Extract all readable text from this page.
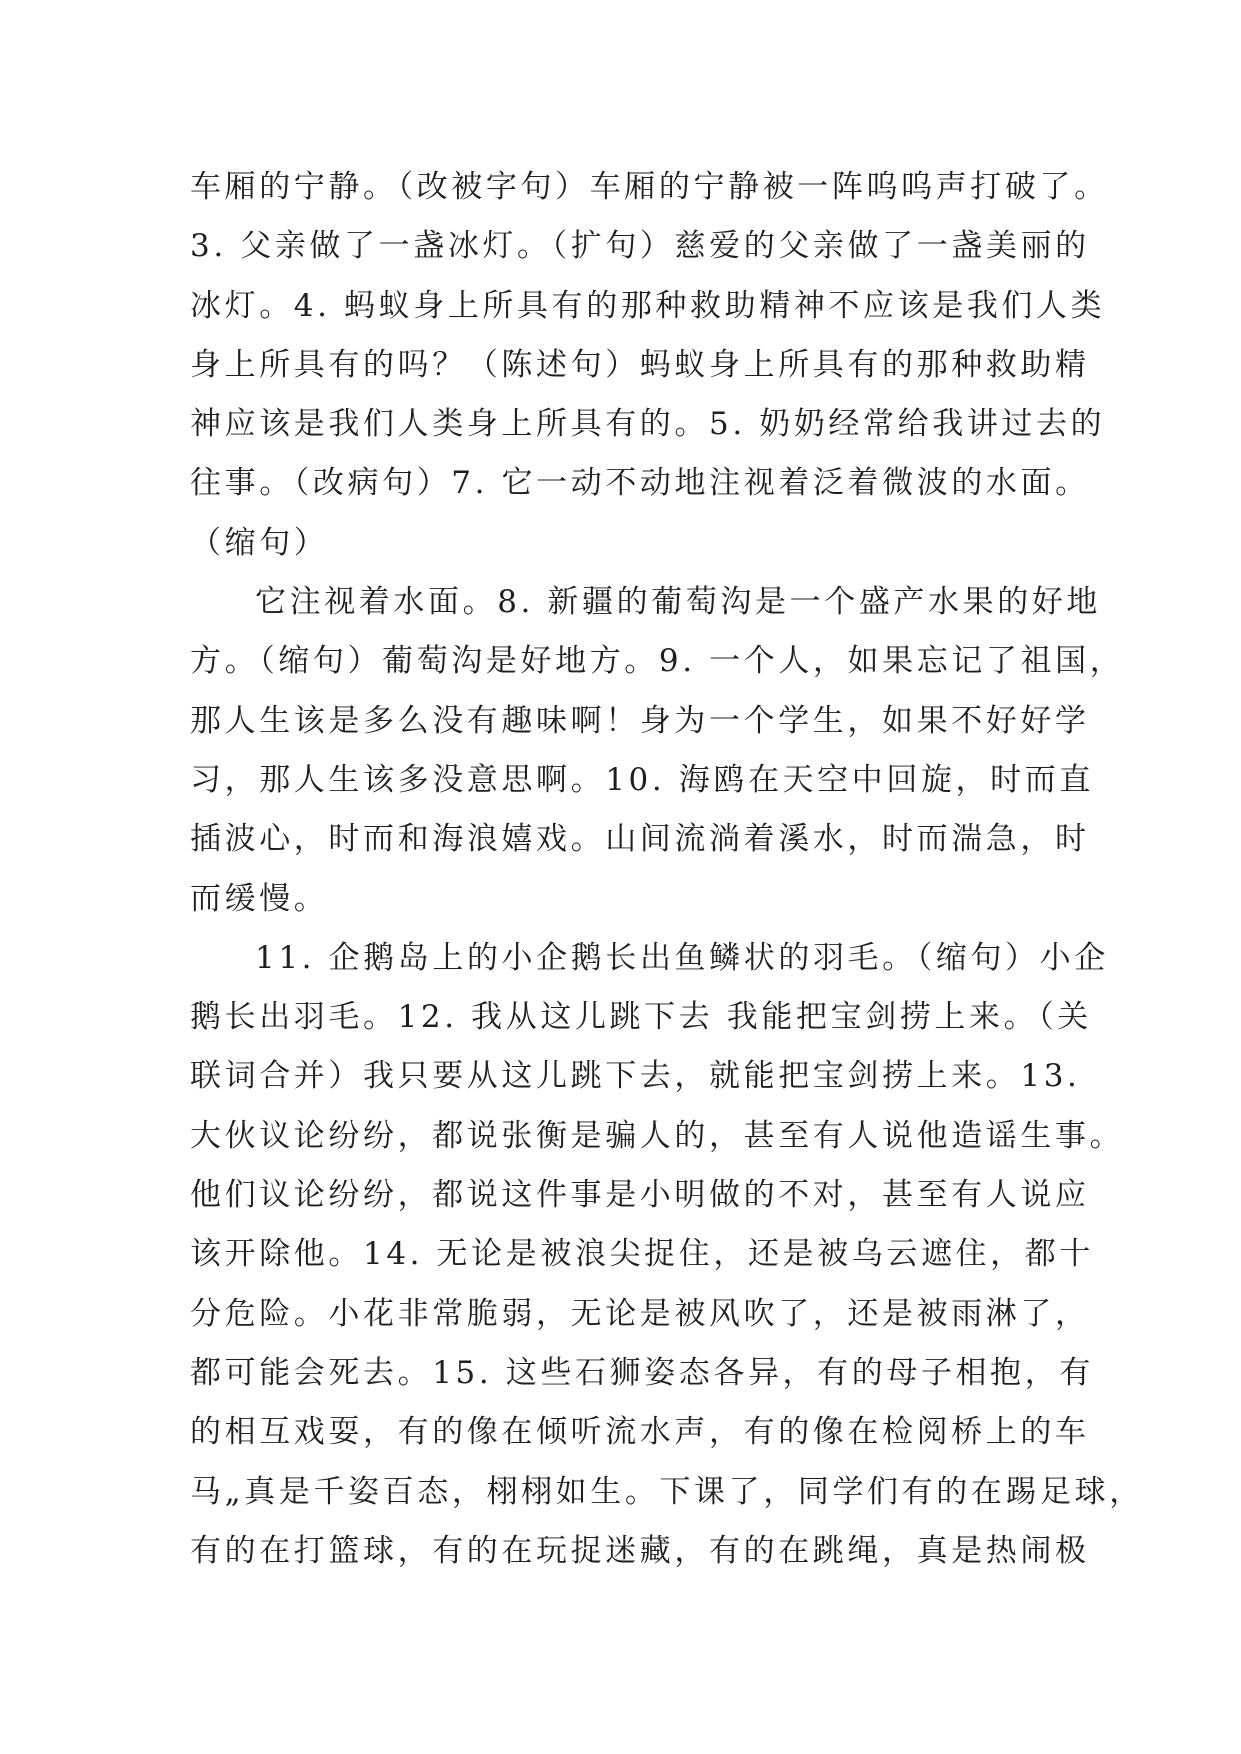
车厢的宁静。（改被字句）车厢的宁静被一阵呜呜声打破了。
3. 父亲做了一盏冰灯。（扩句）慈爱的父亲做了一盏美丽的
冰灯。4. 蚂蚁身上所具有的那种救助精神不应该是我们人类
身上所具有的吗？（陈述句）蚂蚁身上所具有的那种救助精
神应该是我们人类身上所具有的。5. 奶奶经常给我讲过去的
往事。（改病句）7. 它一动不动地注视着泛着微波的水面。
（缩句）
它注视着水面。8. 新疆的葡萄沟是一个盛产水果的好地
方。（缩句）葡萄沟是好地方。9. 一个人，如果忘记了祖国，
那人生该是多么没有趣味啊！身为一个学生，如果不好好学
习，那人生该多没意思啊。10. 海鸥在天空中回旋，时而直
插波心，时而和海浪嬉戏。山间流淌着溪水，时而湍急，时
而缓慢。
11. 企鹅岛上的小企鹅长出鱼鳞状的羽毛。（缩句）小企
鹅长出羽毛。12. 我从这儿跳下去 我能把宝剑捞上来。（关
联词合并）我只要从这儿跳下去，就能把宝剑捞上来。13.
大伙议论纷纷，都说张衡是骗人的，甚至有人说他造谣生事。
他们议论纷纷，都说这件事是小明做的不对，甚至有人说应
该开除他。14. 无论是被浪尖捉住，还是被乌云遮住，都十
分危险。小花非常脆弱，无论是被风吹了，还是被雨淋了，
都可能会死去。15. 这些石狮姿态各异，有的母子相抱，有
的相互戏耍，有的像在倾听流水声，有的像在检阅桥上的车
马„真是千姿百态，栩栩如生。下课了，同学们有的在踢足球，
有的在打篮球，有的在玩捉迷藏，有的在跳绳，真是热闹极
